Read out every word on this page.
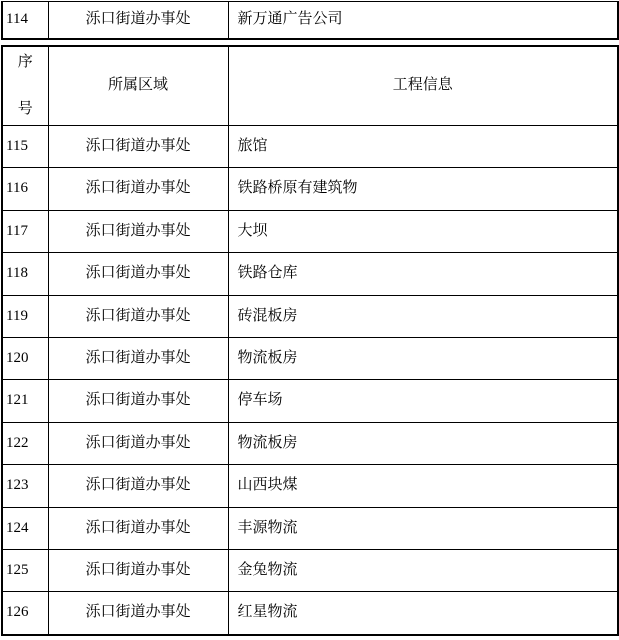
114	泺口街道办事处	新万通广告公司
序
号	所属区域	工程信息
115	泺口街道办事处	旅馆
116	泺口街道办事处	铁路桥原有建筑物
117	泺口街道办事处	大坝
118	泺口街道办事处	铁路仓库
119	泺口街道办事处	砖混板房
120	泺口街道办事处	物流板房
121	泺口街道办事处	停车场
122	泺口街道办事处	物流板房
123	泺口街道办事处	山西块煤
124	泺口街道办事处	丰源物流
125	泺口街道办事处	金兔物流
126	泺口街道办事处	红星物流
